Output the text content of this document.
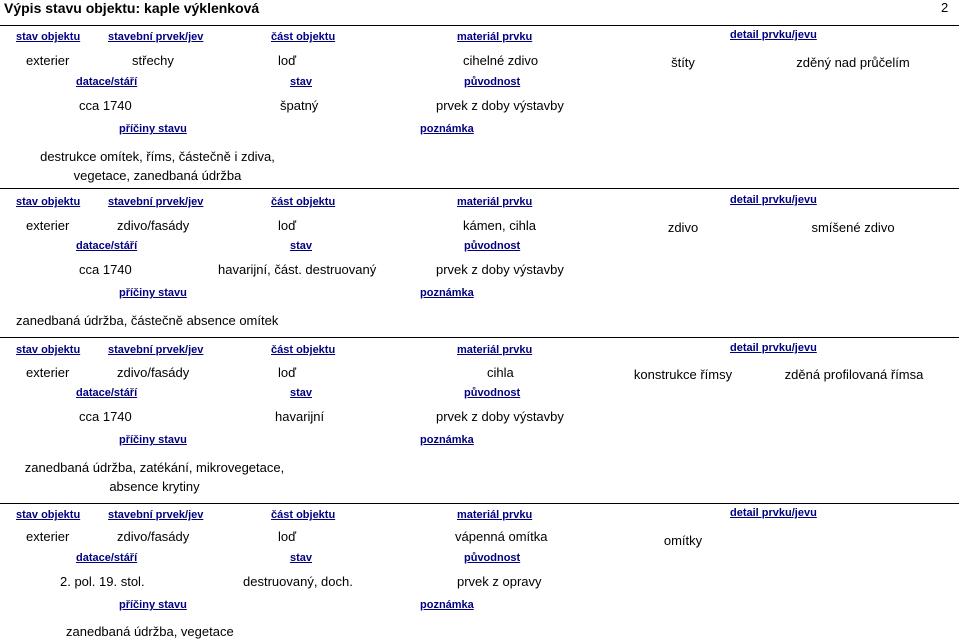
Výpis stavu objektu: kaple výklenková	2
stav objektu	stavební prvek/jev	část objektu	materiál prvku	detail prvku/jevu
exterier	střechy	loď	cihelné zdivo	štíty	zděný nad průčelím
datace/stáří	stav	původnost
cca 1740	špatný	prvek z doby výstavby
příčiny stavu	poznámka
destrukce omítek, říms, částečně i zdiva,
vegetace, zanedbaná údržba
stav objektu	stavební prvek/jev	část objektu	materiál prvku	detail prvku/jevu
exterier	zdivo/fasády	loď	kámen, cihla	zdivo	smíšené zdivo
datace/stáří	stav	původnost
cca 1740	havarijní, část. destruovaný	prvek z doby výstavby
příčiny stavu	poznámka
zanedbaná údržba, částečně absence omítek
stav objektu	stavební prvek/jev	část objektu	materiál prvku	detail prvku/jevu
exterier	zdivo/fasády	loď	cihla	konstrukce římsy	zděná profilovaná římsa
datace/stáří	stav	původnost
cca 1740	havarijní	prvek z doby výstavby
příčiny stavu	poznámka
zanedbaná údržba, zatékání, mikrovegetace,
absence krytiny
stav objektu	stavební prvek/jev	část objektu	materiál prvku	detail prvku/jevu
exterier	zdivo/fasády	loď	vápenná omítka	omítky
datace/stáří	stav	původnost
2. pol. 19. stol.	destruovaný, doch.	prvek z opravy
příčiny stavu	poznámka
zanedbaná údržba, vegetace
